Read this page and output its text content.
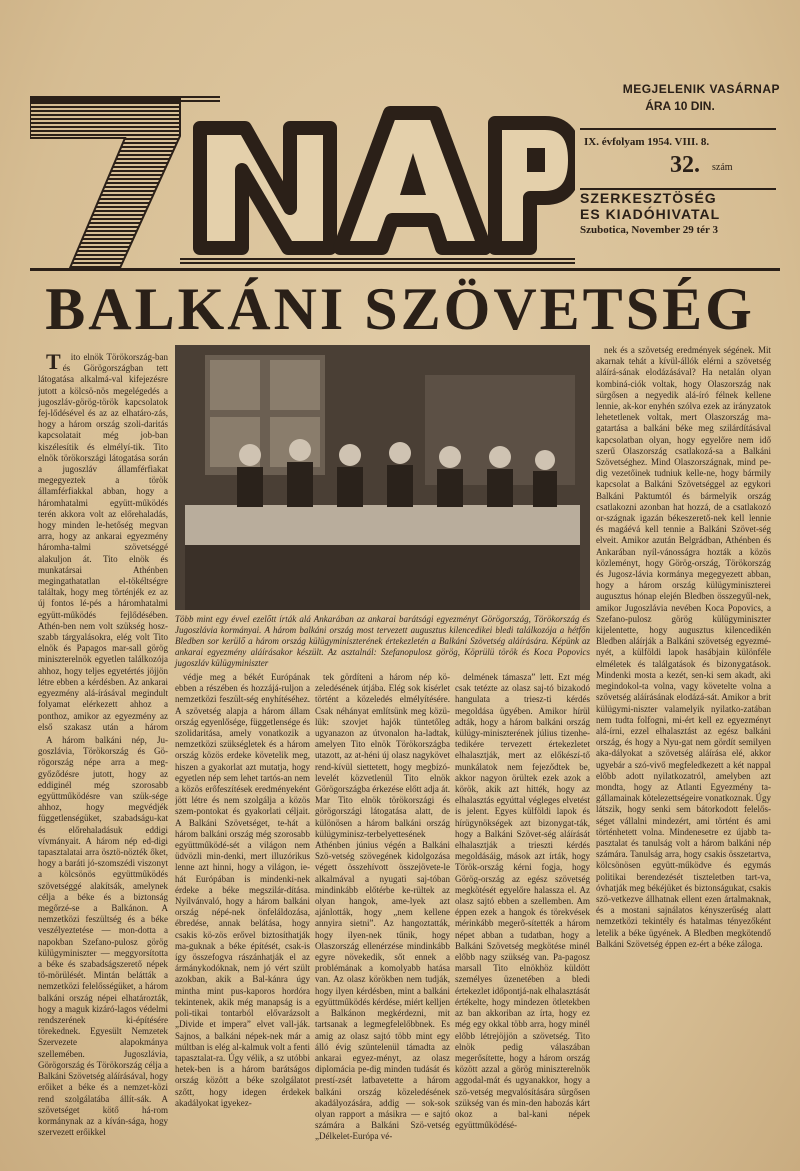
MEGJELENIK VASÁRNAP
ÁRA 10 DIN.
IX. évfolyam 1954. VIII. 8.
32. szám
SZERKESZTÖSÉG
ES KIADÓHIVATAL
Szubotica, November 29 tér 3
BALKÁNI SZÖVETSÉG

Tito elnök Törökország-ban és Görögországban tett látogatása alkalmá-val kifejezésre jutott a kölcsö-nös megelégedés a jugoszláv-görög-török kapcsolatok fej-lődésével és az az elhatáro-zás, hogy a három ország szoli-daritás kapcsolatait még job-ban kiszélesítik és elmélyí-tik. Tito elnök törökországi látogatása során a jugoszláv államférfiakat megegyeztek a török államférfiakkal abban, hogy a háromhatalmi együtt-működés terén akkora volt az előrehaladás, hogy minden le-hetőség megvan arra, hogy az ankarai egyezmény háromha-talmi szövetséggé alakuljon át. Tito elnök és munkatársai Athénben megingathatatlan el-tökéltségre találtak, hogy meg történjék ez az új fontos lé-pés a háromhatalmi együtt-működés fejlődésében. Athén-ben nem volt szükség hosz-szabb tárgyalásokra, elég volt Tito elnök és Papagos mar-sall görög miniszterelnök egyetlen találkozója ahhoz, hogy teljes egyetértés jöjjön létre ebben a kérdésben. Az ankarai egyezmény alá-írásával megindult folyamat elérkezett ahhoz a ponthoz, amikor az egyezmény az első szakasz után a három

A három balkáni nép, Ju-goszlávia, Törökország és Gö-rögország népe arra a meg-győződésre jutott, hogy az eddiginél még szorosabb együttműködésre van szük-sége ahhoz, hogy megvédjék függetlenségüket, szabadságu-kat és előrehaladásuk eddigi vívmányait. A három nép ed-digi tapasztalatai arra ösztö-nözték őket, hogy a baráti jó-szomszédi viszonyt a kölcsönös együttműködés szövetséggé alakítsák, amelynek célja a béke és a biztonság megőrzé-se a Balkánon. A nemzetközi feszültség és a béke veszélyeztetése — mon-dotta a napokban Szefano-pulosz görög külügyminiszter — meggyorsította a béke és szabadságszerető népek tö-mörülését. Mintán belátták a nemzetközi felelősségüket, a három balkáni ország népei elhatározták, hogy a maguk kizáró-lagos védelmi rendszerének ki-építésére törekednek. Egyesült Nemzetek Szervezete alapokmánya szellemében. Jugoszlávia, Görögország és Törökország célja a Balkáni Szövetség aláírásával, hogy erőiket a béke és a nemzet-közi rend szolgálatába állít-sák. A szövetséget kötő há-rom kormánynak az a kíván-sága, hogy szervezett erőikkel

Több mint egy évvel ezelőtt írták alá Ankarában az ankarai barátsági egyezményt Görögország, Törökország és Jugoszlávia kormányai. A három balkáni ország most tervezett augusztus kilencedikei bledi találkozója a hétfőn Bledben sor kerülő a három ország külügyminiszterének értekezletén a Balkáni Szövetség aláírására. Képünk az ankarai egyezmény aláírásakor készült. Az asztalnál: Szefanopulosz görög, Köprülü török és Koca Popovics jugoszláv külügyminiszter

védje meg a békét Európának ebben a részében és hozzájá-ruljon a nemzetközi feszült-ség enyhítéséhez. A szövetség alapja a három állam ország egyenlősége, függetlensége és szolidaritása, amely vonatkozik a nemzetközi szükségletek és a három ország közös erdeke követelik meg, hiszen a gyakorlat azt mutatja, hogy egyetlen nép sem lehet tartós-an nem a közös erőfeszítések eredményeként jött létre és nem szolgálja a közös szem-pontokat és gyakorlati céljait. A Balkáni Szövetséget, te-hát a három balkáni ország még szorosabb együttműködé-sét a világon nem üdvözli min-denki, mert illuzórikus lenne azt hinni, hogy a világon, ie-hát Európában is mindenki-nek érdeke a béke megszilár-dítása. Nyilvánvaló, hogy a három balkáni ország népé-nek önfeláldozása, ébredése, annak belátása, hogy csakis kö-zös erővel biztosíthatják ma-guknak a béke építését, csak-is így összefogva rászánhatják el az ármánykodóknak, nem jó vért szült azokban, akik a Bal-kánra úgy mintha mint pus-kaporos hordóra tekintenek, akik még manapság is a poli-tikai tontarból elővarázsolt „Divide et impera” elvet vall-ják. Sajnos, a balkáni népek-nek már a múltban is elég al-kalmuk volt a fenti tapasztalat-ra. Úgy vélik, a sz utóbbi hetek-ben is a három barátságos ország között a béke szolgálatot szőtt, hogy idegen érdekek akadályokat igyekez-

tek gördíteni a három nép kö-zeledésének útjába. Elég sok kísérlet történt a közeledés elmélyítésére. Csak néhányat említsünk meg közü-lük: szovjet hajók tüntetőleg ugyanazon az útvonalon ha-ladtak, amelyen Tito elnök Törökországba utazott, az at-héni új olasz nagykövet rend-kívül siettetett, hogy megbízó-levelét közvetlenül Tito elnök Görögországba érkezése előtt adja át. Mar Tito elnök törökországi és görögországi látogatása alatt, de különösen a három balkáni ország külügyminisz-terbelyettesének Athénben június végén a Balkáni Szö-vetség szövegének kidolgozása végett összehívott összejövete-le alkalmával a nyugati saj-tóban mindinkább előtérbe ke-rültek az olyan hangok, ame-lyek azt ajánlották, hogy „nem kellene annyira sietni”. Az hangoztatták, hogy ilyen-nek tűnik, hogy Olaszország ellenérzése mindinkább egyre növekedik, sőt ennek a problémának a komolyabb hatása van. Az olasz körökben nem tudják, hogy ilyen kérdésben, mint a balkáni együttműködés kérdése, miért kelljen a Balkánon megkérdezni, mit tartsanak a legmegfelelőbbnek. Es amig az olasz sajtó több mint egy álló évig szüntelenül támadta az ankarai egyez-ményt, az olasz diplomácia pe-dig minden tudását és prestí-zsét latbavetette a három balkáni ország közeledésének akadályozására, addig — sok-sok olyan rapport a másikra — e sajtó számára a Balkáni Szö-vetség „Délkelet-Európa vé-

delmének támasza” lett. Ezt még csak tetézte az olasz saj-tó bizakodó hangulata a triesz-ti kérdés megoldása ügyében. Amikor hírül adták, hogy a három balkáni ország külügy-miniszterének július tizenhe-tedikére tervezett értekezletet elhalasztják, mert az előkészí-tő munkálatok nem fejeződtek be, akkor nagyon örültek ezek azok a körök, akik azt hitték, hogy az elhalasztás egyúttal végleges elvetést is jelent. Egyes külföldi lapok és hírügynökségek azt bizonygat-ták, hogy a Balkáni Szövet-ség aláírását elhalasztják a trieszti kérdés megoldásáig, mások azt írták, hogy Török-ország kérni fogja, hogy Görög-ország az egész szövetség megkötését egyelőre halassza el. Az olasz sajtó ebben a szellemben. Am éppen ezek a hangok és törekvések mérinkább megerő-sítették a három népet abban a tudatban, hogy a Balkáni Szövetség megkötése minél előbb nagy szükség van. Pa-pagosz marsall Tito elnökhöz küldött személyes üzenetében a bledi értekezlet időpontjá-nak elhalasztását értékelte, hogy mindezen ötletekben az ban akkoriban az írta, hogy ez még egy okkal több arra, hogy minél előbb létrejöjjön a szövetség. Tito elnök pedig válaszában megerősítette, hogy a három ország között azzal a görög miniszterelnök aggodal-mát és ugyanakkor, hogy a szö-vetség megvalósítására sürgősen szükség van és min-den habozás kárt okoz a bal-kani népek együttműködésé-

nek és a szövetség eredmények ségének. Mit akarnak tehát a kívül-állók elérni a szövetség aláírá-sának elodázásával? Ha netalán olyan kombiná-ciók voltak, hogy Olaszország nak sürgősen a negyedik alá-író félnek kellene lennie, ak-kor enyhén szólva ezek az irányzatok lehetetlenek voltak, mert Olaszország ma-gatartása a balkáni béke meg szilárdításával kapcsolatban olyan, hogy egyelőre nem idő szerű Olaszország csatlakozá-sa a Balkáni Szövetséghez. Mind Olaszországnak, mind pe-dig vezetőinek tudniuk kelle-ne, hogy bármily kapcsolat a Balkáni Szövetséggel az egykori Balkáni Paktumtól és bármelyik ország csatlakozni azonban hat hozzá, de a csatlakozó or-szágnak igazán békeszerető-nek kell lennie és magáévá kell tennie a Balkáni Szövet-ség elveit. Amikor azután Belgrádban, Athénben és Ankarában nyíl-vánosságra hozták a közös közleményt, hogy Görög-ország, Törökország és Jugosz-lávia kormánya megegyezett abban, hogy a három ország külügyminiszterei augusztus hónap elején Bledben összegyűl-nek, amikor Jugoszlávia nevében Koca Popovics, a Szefano-pulosz görög külügyminiszter kijelentette, hogy augusztus kilencedikén Bledben aláírják a Balkáni szövetség egyezmé-nyét, a külföldi lapok hasábjain különféle elméletek és találgatások és bizonygatások. Mindenki mosta a kezét, sen-ki sem akadt, aki megindokol-ta volna, vagy követelte volna a szövetség aláírásának elodázá-sát. Amikor a brit külügymi-niszter valamelyik nyilatko-zatában nem tudta folfogni, mi-ért kell ez egyezményt alá-írni, ezzel elhalasztást az egész balkáni ország, és hogy a Nyu-gat nem gördít semilyen aka-dályokat a szövetség aláírása elé, akkor ugyebár a szó-vivő megfeledkezett a két nappal előbb adott nyilatkozatról, amelyben azt mondta, hogy az Atlanti Egyezmény ta-gállamainak kötelezettségeire vonatkoznak. Úgy látszik, hogy senki sem bátorkodott felelős-séget vállalni mindezért, ami történt és ami történhetett volna. Mindenesetre ez újabb ta-pasztalat és tanulság volt a három balkáni nép számára. Tanulság arra, hogy csakis összetartva, kölcsönösen együtt-működve és egymás politikai berendezését tiszteletben tart-va, óvhatják meg békéjüket és biztonságukat, csakis szö-vetkezve állhatnak ellent ezen ártalmaknak, és a mostani sajnálatos kényszerűség alatt nemzetközi tekintély és hatalmas tényezőként letelik a béke ügyének. A Bledben megkötendő Balkáni Szövetség éppen ez-ért a béke záloga.
